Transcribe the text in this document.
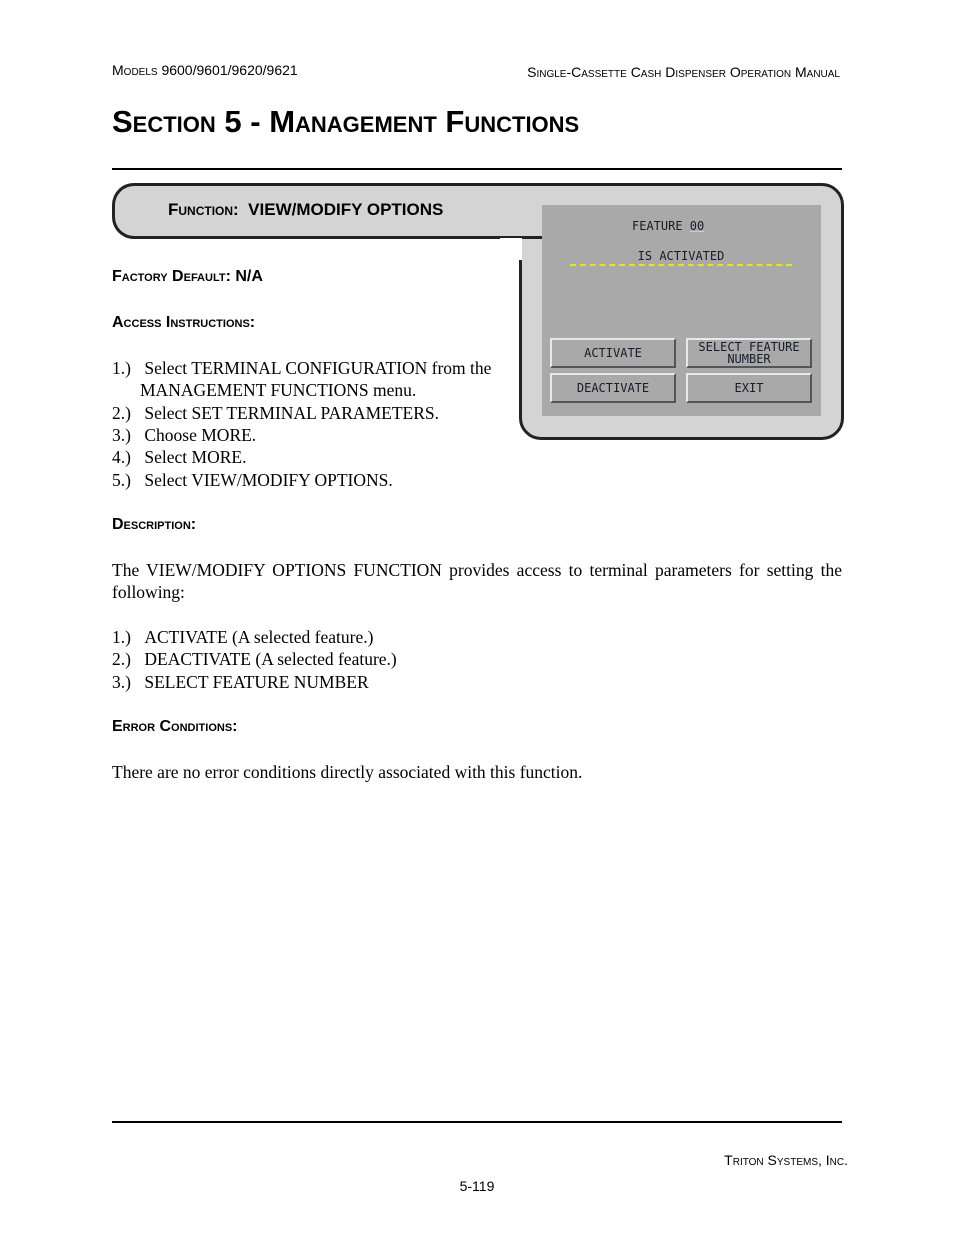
Models 9600/9601/9620/9621	Single-Cassette Cash Dispenser Operation Manual
Section 5 - Management Functions
Function: VIEW/MODIFY OPTIONS
FEATURE 00
IS ACTIVATED
ACTIVATE	SELECT FEATURE
NUMBER
DEACTIVATE	EXIT
Factory Default: N/A
Access Instructions:
1.) Select TERMINAL CONFIGURATION from the
MANAGEMENT FUNCTIONS menu.
2.) Select SET TERMINAL PARAMETERS.
3.) Choose MORE.
4.) Select MORE.
5.) Select VIEW/MODIFY OPTIONS.
Description:
The VIEW/MODIFY OPTIONS FUNCTION provides access to terminal parameters for setting the following:
1.) ACTIVATE (A selected feature.)
2.) DEACTIVATE (A selected feature.)
3.) SELECT FEATURE NUMBER
Error Conditions:
There are no error conditions directly associated with this function.
Triton Systems, Inc.
5-119
